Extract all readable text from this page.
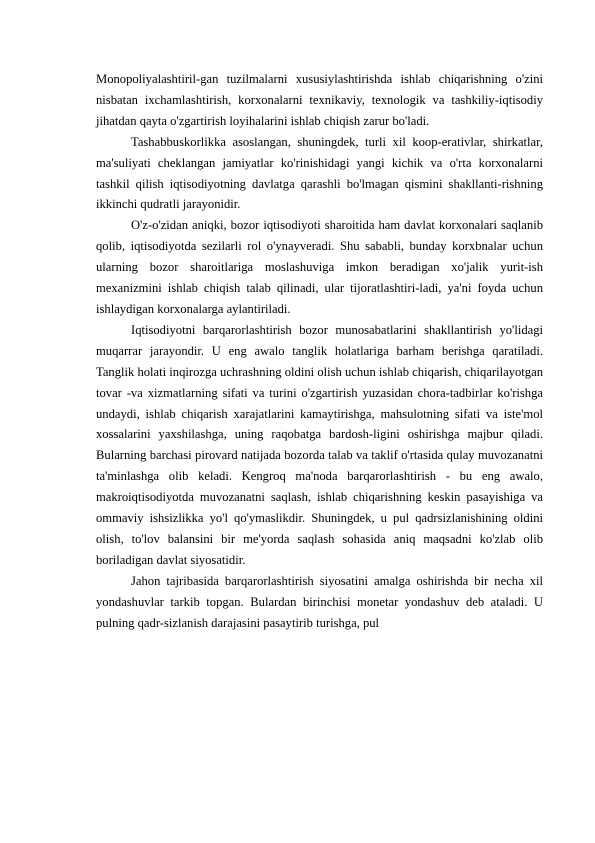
Monopoliyalashtiril-gan tuzilmalarni xususiylashtirishda ishlab chiqarishning o'zini nisbatan ixchamlashtirish, korxonalarni texnikaviy, texnologik va tashkiliy-iqtisodiy jihatdan qayta o'zgartirish loyihalarini ishlab chiqish zarur bo'ladi.

Tashabbuskorlikka asoslangan, shuningdek, turli xil koop-erativlar, shirkatlar, ma'suliyati cheklangan jamiyatlar ko'rinishidagi yangi kichik va o'rta korxonalarni tashkil qilish iqtisodiyotning davlatga qarashli bo'lmagan qismini shakllanti-rishning ikkinchi qudratli jarayonidir.

O'z-o'zidan aniqki, bozor iqtisodiyoti sharoitida ham davlat korxonalari saqlanib qolib, iqtisodiyotda sezilarli rol o'ynayveradi. Shu sababli, bunday korxbnalar uchun ularning bozor sharoitlariga moslashuviga imkon beradigan xo'jalik yurit-ish mexanizmini ishlab chiqish talab qilinadi, ular tijoratlashtiri-ladi, ya'ni foyda uchun ishlaydigan korxonalarga aylantiriladi.

Iqtisodiyotni barqarorlashtirish bozor munosabatlarini shakllantirish yo'lidagi muqarrar jarayondir. U eng awalo tanglik holatlariga barham berishga qaratiladi. Tanglik holati inqirozga uchrashning oldini olish uchun ishlab chiqarish, chiqarilayotgan tovar -va xizmatlarning sifati va turini o'zgartirish yuzasidan chora-tadbirlar ko'rishga undaydi, ishlab chiqarish xarajatlarini kamaytirishga, mahsulotning sifati va iste'mol xossalarini yaxshilashga, uning raqobatga bardosh-ligini oshirishga majbur qiladi. Bularning barchasi pirovard natijada bozorda talab va taklif o'rtasida qulay muvozanatni ta'minlashga olib keladi. Kengroq ma'noda barqarorlashtirish - bu eng awalo, makroiqtisodiyotda muvozanatni saqlash, ishlab chiqarishning keskin pasayishiga va ommaviy ishsizlikka yo'l qo'ymaslikdir. Shuningdek, u pul qadrsizlanishining oldini olish, to'lov balansini bir me'yorda saqlash sohasida aniq maqsadni ko'zlab olib boriladigan davlat siyosatidir.

Jahon tajribasida barqarorlashtirish siyosatini amalga oshirishda bir necha xil yondashuvlar tarkib topgan. Bulardan birinchisi monetar yondashuv deb ataladi. U pulning qadr-sizlanish darajasini pasaytirib turishga, pul
